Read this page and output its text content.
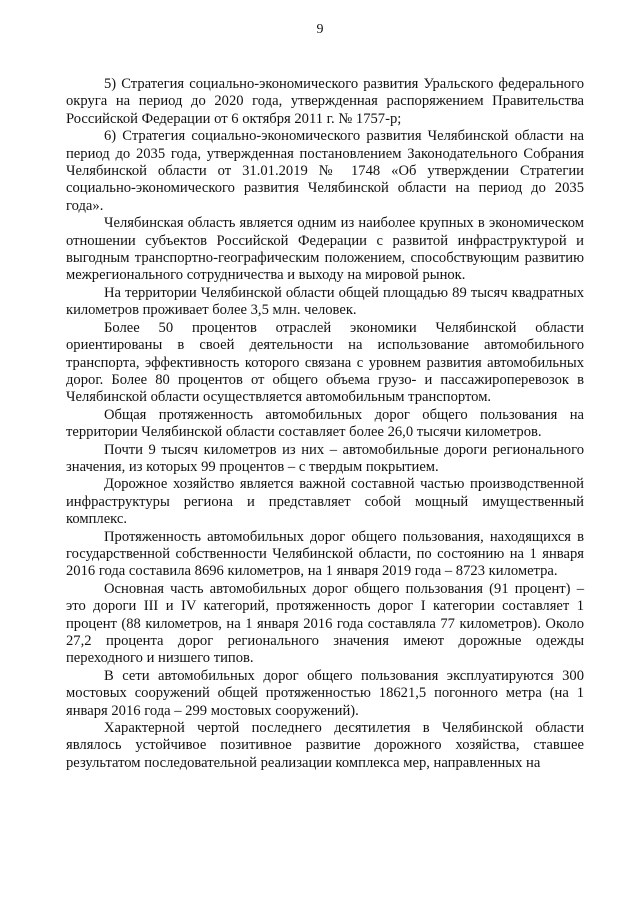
9

5) Стратегия социально-экономического развития Уральского федерального округа на период до 2020 года, утвержденная распоряжением Правительства Российской Федерации от 6 октября 2011 г. № 1757-р;

6) Стратегия социально-экономического развития Челябинской области на период до 2035 года, утвержденная постановлением Законодательного Собрания Челябинской области от 31.01.2019 № 1748 «Об утверждении Стратегии социально-экономического развития Челябинской области на период до 2035 года».

Челябинская область является одним из наиболее крупных в экономическом отношении субъектов Российской Федерации с развитой инфраструктурой и выгодным транспортно-географическим положением, способствующим развитию межрегионального сотрудничества и выходу на мировой рынок.

На территории Челябинской области общей площадью 89 тысяч квадратных километров проживает более 3,5 млн. человек.

Более 50 процентов отраслей экономики Челябинской области ориентированы в своей деятельности на использование автомобильного транспорта, эффективность которого связана с уровнем развития автомобильных дорог. Более 80 процентов от общего объема грузо- и пассажироперевозок в Челябинской области осуществляется автомобильным транспортом.

Общая протяженность автомобильных дорог общего пользования на территории Челябинской области составляет более 26,0 тысячи километров.

Почти 9 тысяч километров из них – автомобильные дороги регионального значения, из которых 99 процентов – с твердым покрытием.

Дорожное хозяйство является важной составной частью производственной инфраструктуры региона и представляет собой мощный имущественный комплекс.

Протяженность автомобильных дорог общего пользования, находящихся в государственной собственности Челябинской области, по состоянию на 1 января 2016 года составила 8696 километров, на 1 января 2019 года – 8723 километра.

Основная часть автомобильных дорог общего пользования (91 процент) – это дороги III и IV категорий, протяженность дорог I категории составляет 1 процент (88 километров, на 1 января 2016 года составляла 77 километров). Около 27,2 процента дорог регионального значения имеют дорожные одежды переходного и низшего типов.

В сети автомобильных дорог общего пользования эксплуатируются 300 мостовых сооружений общей протяженностью 18621,5 погонного метра (на 1 января 2016 года – 299 мостовых сооружений).

Характерной чертой последнего десятилетия в Челябинской области являлось устойчивое позитивное развитие дорожного хозяйства, ставшее результатом последовательной реализации комплекса мер, направленных на
